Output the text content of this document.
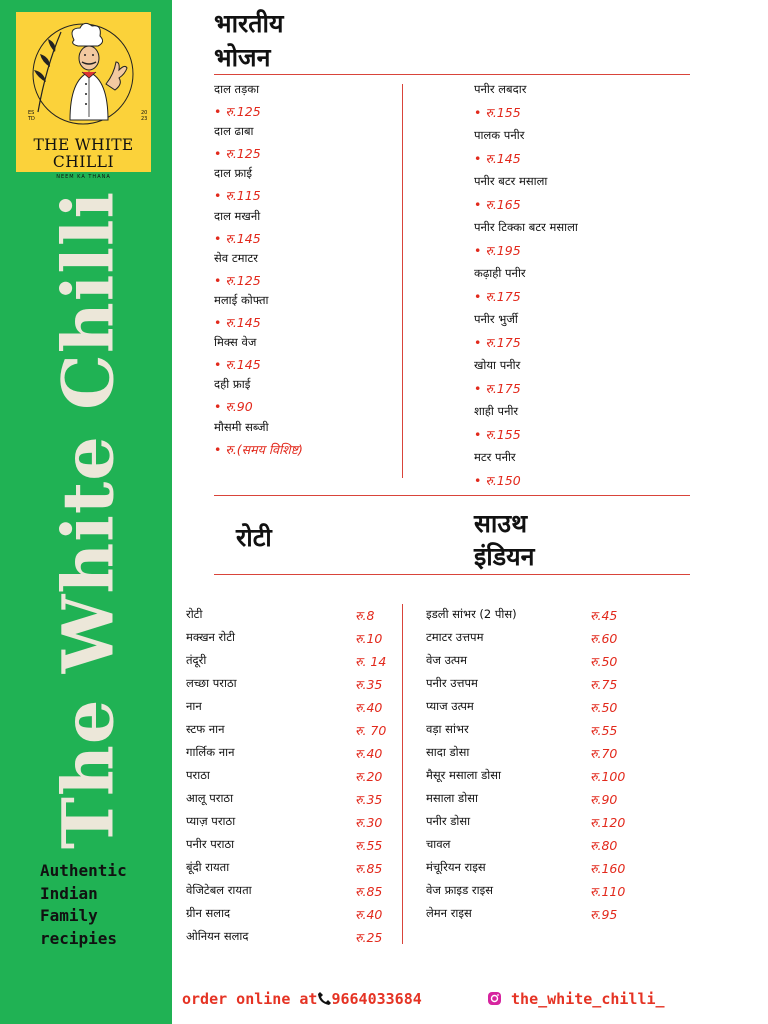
ES
TD
20
23
THE WHITE
CHILLI
NEEM KA THANA
The White Chilli
Authentic
Indian
Family
recipies
भारतीय
भोजन
दाल तड़का
• रु.125
दाल ढाबा
• रु.125
दाल फ्राई
• रु.115
दाल मखनी
• रु.145
सेव टमाटर
• रु.125
मलाई कोफ्ता
• रु.145
मिक्स वेज
• रु.145
दही फ्राई
• रु.90
मौसमी सब्जी
• रु.(समय विशिष्ट)
पनीर लबदार
• रु.155
पालक पनीर
• रु.145
पनीर बटर मसाला
• रु.165
पनीर टिक्का बटर मसाला
• रु.195
कढ़ाही पनीर
• रु.175
पनीर भुर्जी
• रु.175
खोया पनीर
• रु.175
शाही पनीर
• रु.155
मटर पनीर
• रु.150
रोटी	साउथ
इंडियन
रोटी	रु.8
मक्खन रोटी	रु.10
तंदूरी	रु. 14
लच्छा पराठा	रु.35
नान	रु.40
स्टफ नान	रु. 70
गार्लिक नान	रु.40
पराठा	रु.20
आलू पराठा	रु.35
प्याज़ पराठा	रु.30
पनीर पराठा	रु.55
बूंदी रायता	रु.85
वेजिटेबल रायता	रु.85
ग्रीन सलाद	रु.40
ओनियन सलाद	रु.25
इडली सांभर (2 पीस)	रु.45
टमाटर उत्तपम	रु.60
वेज उत्पम	रु.50
पनीर उत्तपम	रु.75
प्याज उत्पम	रु.50
वड़ा सांभर	रु.55
सादा डोसा	रु.70
मैसूर मसाला डोसा	रु.100
मसाला डोसा	रु.90
पनीर डोसा	रु.120
चावल	रु.80
मंचूरियन राइस	रु.160
वेज फ्राइड राइस	रु.110
लेमन राइस	रु.95
order online at 9664033684	the_white_chilli_
